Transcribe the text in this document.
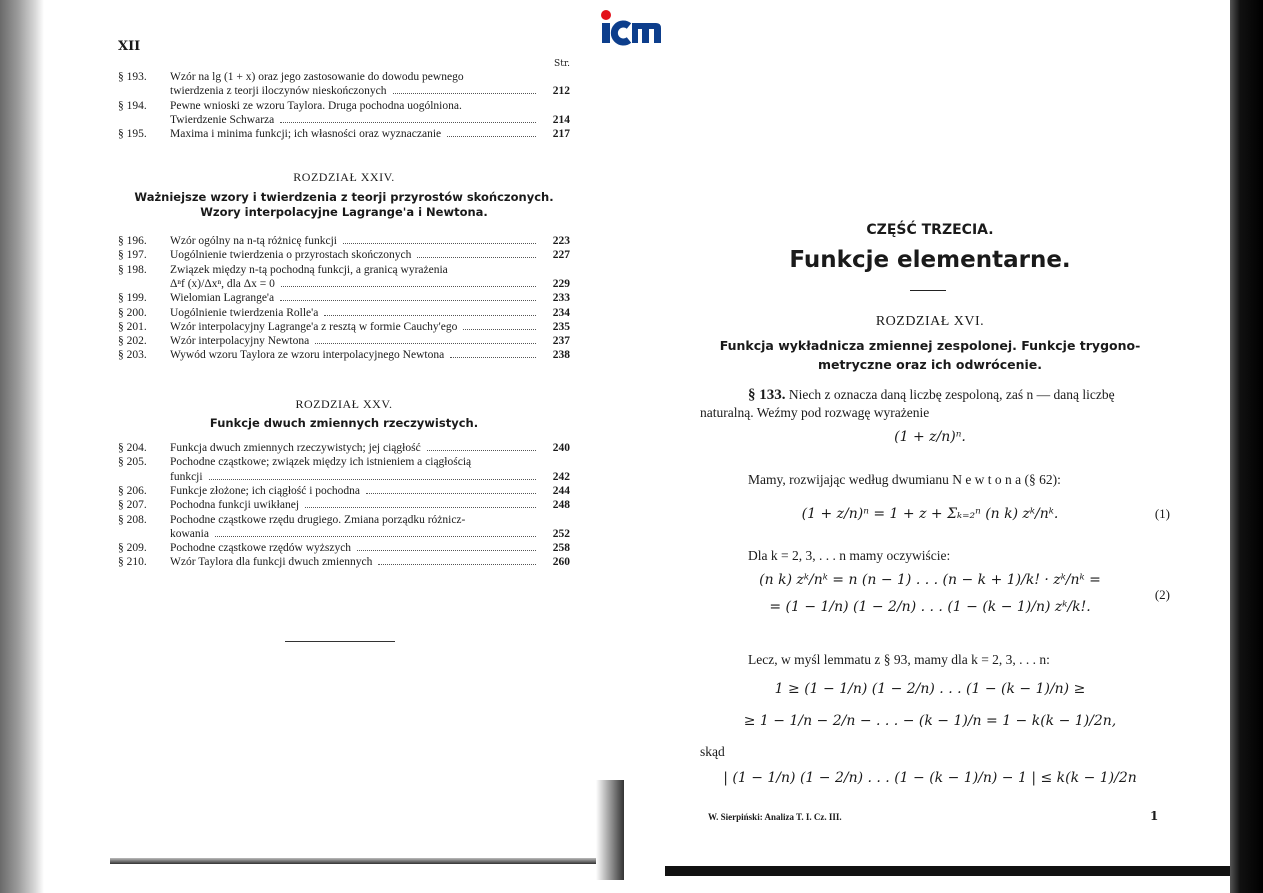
XII
Str.
§ 193.	Wzór na lg (1 + x) oraz jego zastosowanie do dowodu pewnego
twierdzenia z teorji iloczynów nieskończonych	212
§ 194.	Pewne wnioski ze wzoru Taylora. Druga pochodna uogólniona.
Twierdzenie Schwarza	214
§ 195.	Maxima i minima funkcji; ich własności oraz wyznaczanie	217
ROZDZIAŁ XXIV.
Ważniejsze wzory i twierdzenia z teorji przyrostów skończonych.
Wzory interpolacyjne Lagrange'a i Newtona.
§ 196.	Wzór ogólny na n-tą różnicę funkcji	223
§ 197.	Uogólnienie twierdzenia o przyrostach skończonych	227
§ 198.	Związek między n-tą pochodną funkcji, a granicą wyrażenia
Δⁿf (x)/Δxⁿ, dla Δx = 0	229
§ 199.	Wielomian Lagrange'a	233
§ 200.	Uogólnienie twierdzenia Rolle'a	234
§ 201.	Wzór interpolacyjny Lagrange'a z resztą w formie Cauchy'ego	235
§ 202.	Wzór interpolacyjny Newtona	237
§ 203.	Wywód wzoru Taylora ze wzoru interpolacyjnego Newtona	238
ROZDZIAŁ XXV.
Funkcje dwuch zmiennych rzeczywistych.
§ 204.	Funkcja dwuch zmiennych rzeczywistych; jej ciągłość	240
§ 205.	Pochodne cząstkowe; związek między ich istnieniem a ciągłością
funkcji	242
§ 206.	Funkcje złożone; ich ciągłość i pochodna	244
§ 207.	Pochodna funkcji uwikłanej	248
§ 208.	Pochodne cząstkowe rzędu drugiego. Zmiana porządku różnicz-
kowania	252
§ 209.	Pochodne cząstkowe rzędów wyższych	258
§ 210.	Wzór Taylora dla funkcji dwuch zmiennych	260
CZĘŚĆ TRZECIA.
Funkcje elementarne.
ROZDZIAŁ XVI.
Funkcja wykładnicza zmiennej zespolonej. Funkcje trygono-
metryczne oraz ich odwrócenie.
§ 133. Niech z oznacza daną liczbę zespoloną, zaś n — daną liczbę naturalną. Weźmy pod rozwagę wyrażenie
(1 + z/n)ⁿ.
Mamy, rozwijając według dwumianu N e w t o n a (§ 62):
(1 + z/n)ⁿ = 1 + z + Σₖ₌₂ⁿ (n k) zᵏ/nᵏ.	(1)
Dla k = 2, 3, . . . n mamy oczywiście:
(n k) zᵏ/nᵏ = n (n − 1) . . . (n − k + 1)/k! · zᵏ/nᵏ =
= (1 − 1/n) (1 − 2/n) . . . (1 − (k − 1)/n) zᵏ/k!.
(2)
Lecz, w myśl lemmatu z § 93, mamy dla k = 2, 3, . . . n:
1 ≥ (1 − 1/n) (1 − 2/n) . . . (1 − (k − 1)/n) ≥
≥ 1 − 1/n − 2/n − . . . − (k − 1)/n = 1 − k(k − 1)/2n,
skąd
| (1 − 1/n) (1 − 2/n) . . . (1 − (k − 1)/n) − 1 | ≤ k(k − 1)/2n
W. Sierpiński: Analiza T. I. Cz. III.	1
